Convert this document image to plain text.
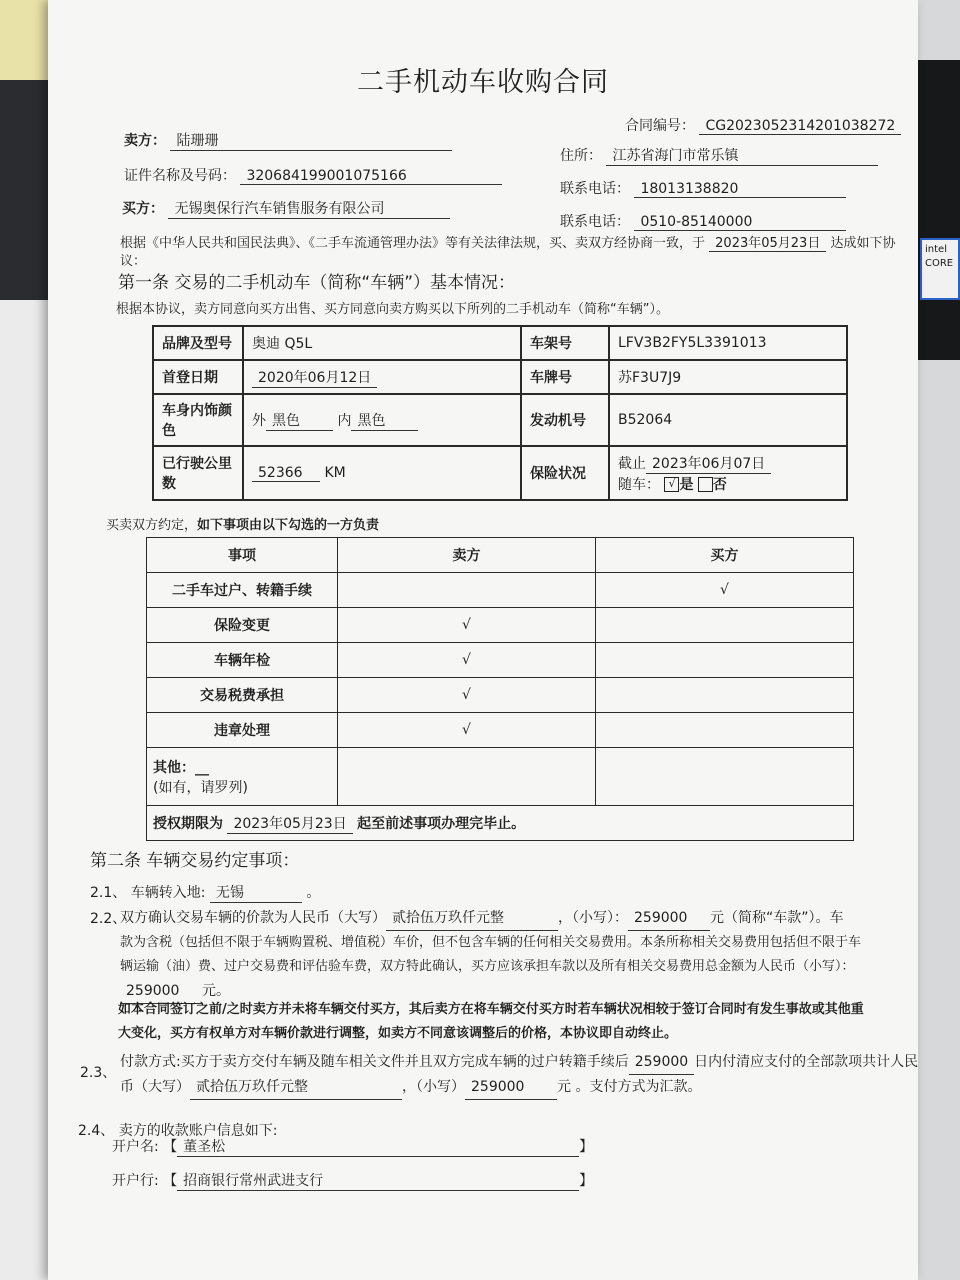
intel
CORE
二手机动车收购合同
合同编号： CG2023052314201038272
卖方： 陆珊珊
住所： 江苏省海门市常乐镇
证件名称及号码： 320684199001075166
联系电话： 18013138820
买方： 无锡奥保行汽车销售服务有限公司
联系电话： 0510-85140000
根据《中华人民共和国民法典》、《二手车流通管理办法》等有关法律法规，买、卖双方经协商一致，于 2023年05月23日 达成如下协
议：
第一条 交易的二手机动车（简称“车辆”）基本情况：
根据本协议，卖方同意向买方出售、买方同意向卖方购买以下所列的二手机动车（简称“车辆”）。
品牌及型号	奥迪 Q5L	车架号	LFV3B2FY5L3391013
首登日期	2020年06月12日	车牌号	苏F3U7J9
车身内饰颜色	外 黑色 内 黑色	发动机号	B52064
已行驶公里数	52366 KM	保险状况	截止 2023年06月07日
随车： √ 是 否
买卖双方约定，如下事项由以下勾选的一方负责
事项	卖方	买方
二手车过户、转籍手续		√
保险变更	√	
车辆年检	√	
交易税费承担	√	
违章处理	√	

其他：__
(如有，请罗列)		

授权期限为 2023年05月23日 起至前述事项办理完毕止。		
第二条 车辆交易约定事项：
2.1、 车辆转入地: 无锡	。
2.2、
双方确认交易车辆的价款为人民币（大写） 贰拾伍万玖仟元整	，（小写）： 259000 元（简称“车款”）。车
款为含税（包括但不限于车辆购置税、增值税）车价，但不包含车辆的任何相关交易费用。本条所称相关交易费用包括但不限于车
辆运输（油）费、过户交易费和评估验车费，双方特此确认，买方应该承担车款以及所有相关交易费用总金额为人民币（小写）：
259000 元。
如本合同签订之前/之时卖方并未将车辆交付买方，其后卖方在将车辆交付买方时若车辆状况相较于签订合同时有发生事故或其他重
大变化，买方有权单方对车辆价款进行调整，如卖方不同意该调整后的价格，本协议即自动终止。
2.3、
付款方式:买方于卖方交付车辆及随车相关文件并且双方完成车辆的过户转籍手续后 259000 日内付清应支付的全部款项共计人民
币（大写） 贰拾伍万玖仟元整	，（小写） 259000 元 。支付方式为汇款。
2.4、 卖方的收款账户信息如下:
开户名: 【 董圣松	】
开户行: 【 招商银行常州武进支行	】
